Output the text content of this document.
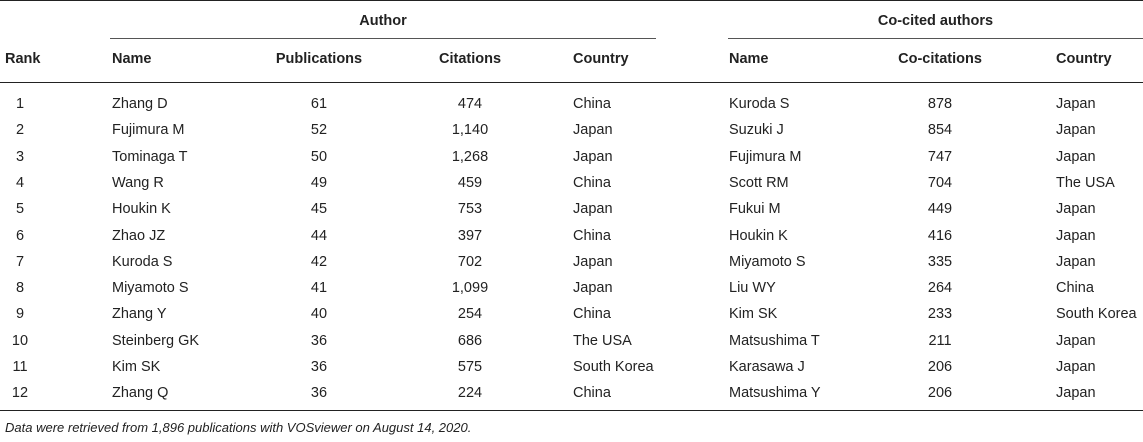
Author	Co-cited authors
Rank	Name	Publications	Citations	Country	Name	Co-citations	Country
1	Zhang D	61	474	China	Kuroda S	878	Japan
2	Fujimura M	52	1,140	Japan	Suzuki J	854	Japan
3	Tominaga T	50	1,268	Japan	Fujimura M	747	Japan
4	Wang R	49	459	China	Scott RM	704	The USA
5	Houkin K	45	753	Japan	Fukui M	449	Japan
6	Zhao JZ	44	397	China	Houkin K	416	Japan
7	Kuroda S	42	702	Japan	Miyamoto S	335	Japan
8	Miyamoto S	41	1,099	Japan	Liu WY	264	China
9	Zhang Y	40	254	China	Kim SK	233	South Korea
10	Steinberg GK	36	686	The USA	Matsushima T	211	Japan
11	Kim SK	36	575	South Korea	Karasawa J	206	Japan
12	Zhang Q	36	224	China	Matsushima Y	206	Japan
Data were retrieved from 1,896 publications with VOSviewer on August 14, 2020.
